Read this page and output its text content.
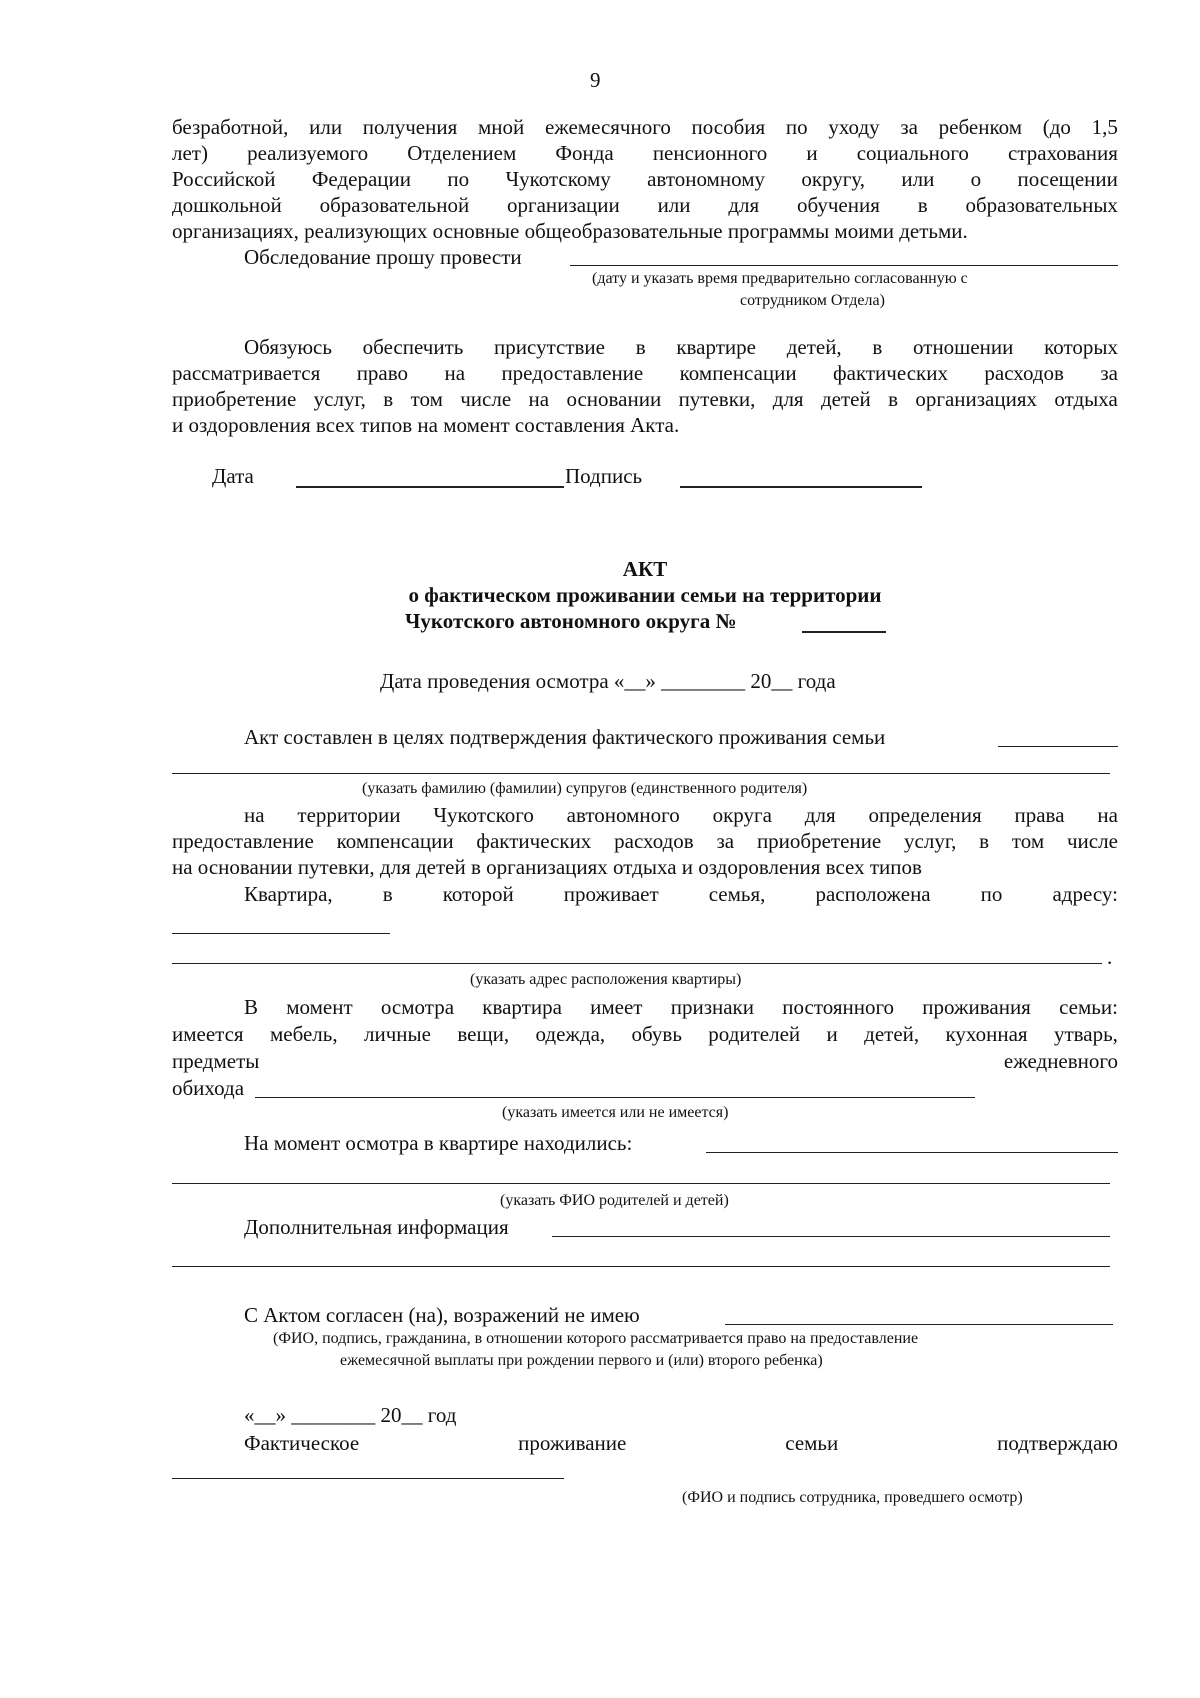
9
безработной, или получения мной ежемесячного пособия по уходу за ребенком (до 1,5
лет) реализуемого Отделением Фонда пенсионного и социального страхования
Российской Федерации по Чукотскому автономному округу, или о посещении
дошкольной образовательной организации или для обучения в образовательных
организациях, реализующих основные общеобразовательные программы моими детьми.
Обследование прошу провести
(дату и указать время предварительно согласованную с
сотрудником Отдела)
Обязуюсь обеспечить присутствие в квартире детей, в отношении которых
рассматривается право на предоставление компенсации фактических расходов за
приобретение услуг, в том числе на основании путевки, для детей в организациях отдыха
и оздоровления всех типов на момент составления Акта.
Дата	Подпись
АКТ
о фактическом проживании семьи на территории
Чукотского автономного округа №
Дата проведения осмотра «__» ________ 20__ года
Акт составлен в целях подтверждения фактического проживания семьи
(указать фамилию (фамилии) супругов (единственного родителя)
на территории Чукотского автономного округа для определения права на
предоставление компенсации фактических расходов за приобретение услуг, в том числе
на основании путевки, для детей в организациях отдыха и оздоровления всех типов
Квартира, в которой проживает семья, расположена по адресу:
.
(указать адрес расположения квартиры)
В момент осмотра квартира имеет признаки постоянного проживания семьи:
имеется мебель, личные вещи, одежда, обувь родителей и детей, кухонная утварь,
предметы	ежедневного
обихода
(указать имеется или не имеется)
На момент осмотра в квартире находились:
(указать ФИО родителей и детей)
Дополнительная информация
С Актом согласен (на), возражений не имею
(ФИО, подпись, гражданина, в отношении которого рассматривается право на предоставление
ежемесячной выплаты при рождении первого и (или) второго ребенка)
«__» ________ 20__ год
Фактическое	проживание	семьи	подтверждаю
(ФИО и подпись сотрудника, проведшего осмотр)
